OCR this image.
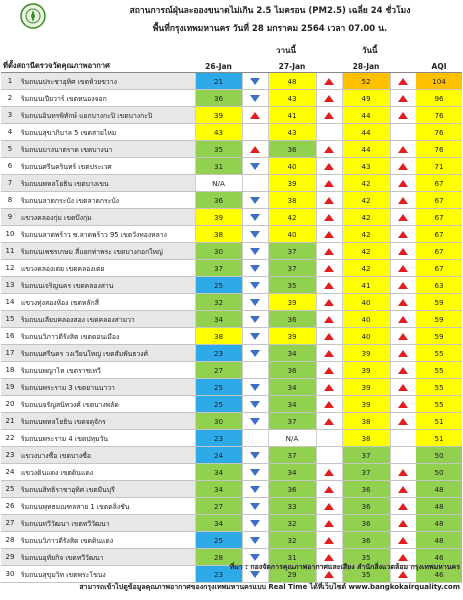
สถานการณ์ฝุ่นละอองขนาดไม่เกิน 2.5 ไมครอน (PM2.5) เฉลี่ย 24 ชั่วโมง
พื้นที่กรุงเทพมหานคร วันที่ 28 มกราคม 2564 เวลา 07.00 น.
วานนี้	วันนี้
ที่ตั้งสถานีตรวจวัดคุณภาพอากาศ		26-Jan		27-Jan		28-Jan		AQI
1	ริมถนนประชาอุทิศ เขตห้วยขวาง	21		48		52		104
2	ริมถนนเปียวาร์ เขตหนองจอก	36		43		49		96
3	ริมถนนอินทรพิทักษ์ แยกบางกะปิ เขตบางกะปิ	39		41		44		76
4	ริมถนนสุขาภิบาล 5 เขตสายไหม	43		43		44		76
5	ริมถนนบางนาตราด เขตบางนา	35		36		44		76
6	ริมถนนศรีนครินทร์ เขตประเวศ	31		40		43		71
7	ริมถนนพหลโยธิน เขตบางเขน	N/A		39		42		67
8	ริมถนนลาดกระบัง เขตลาดกระบัง	36		38		42		67
9	แขวงคลองกุ่ม เขตบึงกุ่ม	39		42		42		67
10	ริมถนนลาดพร้าว ซ.ลาดพร้าว 95 เขตวังทองหลาง	38		40		42		67
11	ริมถนนเพชรเกษม สี่แยกท่าพระ เขตบางกอกใหญ่	30		37		42		67
12	แขวงคลองเตย เขตคลองเตย	37		37		42		67
13	ริมถนนเจริญนคร เขตคลองสาน	25		35		41		63
14	แขวงทุ่งสองห้อง เขตหลักสี่	32		39		40		59
15	ริมถนนเลียบคลองสอง เขตคลองสามวา	34		36		40		59
16	ริมถนนวิภาวดีรังสิต เขตดอนเมือง	38		39		40		59
17	ริมถนนศรีนคร วงเวียนใหญ่ เขตสัมพันธวงศ์	23		34		39		55
18	ริมถนนพญาไท เขตราชเทวี	27		36		39		55
19	ริมถนนพระราม 3 เขตยานนาวา	25		34		39		55
20	ริมถนนจรัญสนิทวงศ์ เขตบางพลัด	25		34		39		55
21	ริมถนนพหลโยธิน เขตจตุจักร	30		37		38		51
22	ริมถนนพระราม 4 เขตปทุมวัน	23		N/A		38		51
23	แขวงบางซื่อ เขตบางซื่อ	24		37		37		50
24	แขวงดินแดง เขตดินแดง	34		34		37		50
25	ริมถนนสิทธิราชาอุทิศ เขตมีนบุรี	34		36		36		48
26	ริมถนนพุทธมณฑลสาย 1 เขตตลิ่งชัน	27		33		36		48
27	ริมถนนทวีวัฒนา เขตทวีวัฒนา	34		32		36		48
28	ริมถนนวิภาวดีรังสิต เขตดินแดง	25		32		36		48
29	ริมถนนอุทัยกิจ เขตทวีวัฒนา	28		31		35		46
30	ริมถนนสุขุมวิท เขตพระโขนง	23		29		35		46
ที่มา : กองจัดการคุณภาพอากาศและเสียง สำนักสิ่งแวดล้อม กรุงเทพมหานคร
สามารถเข้าไปดูข้อมูลคุณภาพอากาศของกรุงเทพมหานครแบบ Real Time ได้ที่เว็บไซต์ www.bangkokairquality.com
